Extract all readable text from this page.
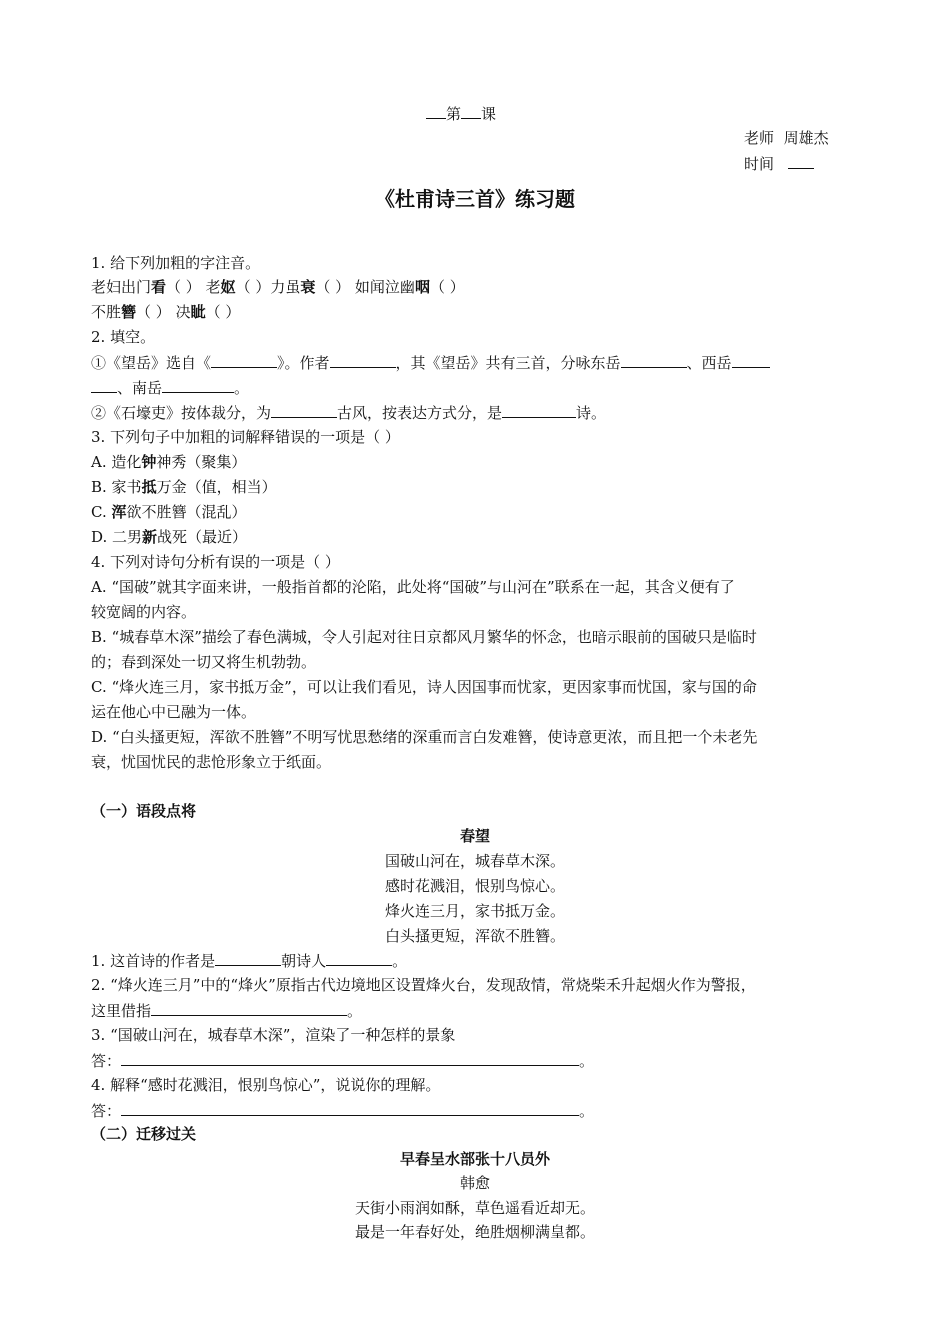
第 课
老师 周雄杰
时间
《杜甫诗三首》练习题
1. 给下列加粗的字注音。
老妇出门看（ ） 老妪（ ）力虽衰（ ） 如闻泣幽咽（ ）
不胜簪（ ） 决眦（ ）
2. 填空。
①《望岳》选自《	》。作者	，其《望岳》共有三首，分咏东岳	、西岳
、南岳	。
②《石壕吏》按体裁分，为	古风，按表达方式分，是	诗。
3. 下列句子中加粗的词解释错误的一项是（ ）
A. 造化钟神秀（聚集）
B. 家书抵万金（值，相当）
C. 浑欲不胜簪（混乱）
D. 二男新战死（最近）
4. 下列对诗句分析有误的一项是（ ）
A. “国破”就其字面来讲，一般指首都的沦陷，此处将“国破”与山河在”联系在一起，其含义便有了
较宽阔的内容。
B. “城春草木深”描绘了春色满城，令人引起对往日京都风月繁华的怀念，也暗示眼前的国破只是临时
的；春到深处一切又将生机勃勃。
C. “烽火连三月，家书抵万金”，可以让我们看见，诗人因国事而忧家，更因家事而忧国，家与国的命
运在他心中已融为一体。
D. “白头搔更短，浑欲不胜簪”不明写忧思愁绪的深重而言白发难簪，使诗意更浓，而且把一个未老先
衰，忧国忧民的悲怆形象立于纸面。
（一）语段点将
春望
国破山河在，城春草木深。
感时花溅泪，恨别鸟惊心。
烽火连三月，家书抵万金。
白头搔更短，浑欲不胜簪。
1. 这首诗的作者是	朝诗人	。
2. “烽火连三月”中的“烽火”原指古代边境地区设置烽火台，发现敌情，常烧柴禾升起烟火作为警报，
这里借指	。
3. “国破山河在，城春草木深”，渲染了一种怎样的景象
答：	。
4. 解释“感时花溅泪，恨别鸟惊心”，说说你的理解。
答：	。
（二）迁移过关
早春呈水部张十八员外
韩愈
天街小雨润如酥，草色遥看近却无。
最是一年春好处，绝胜烟柳满皇都。
